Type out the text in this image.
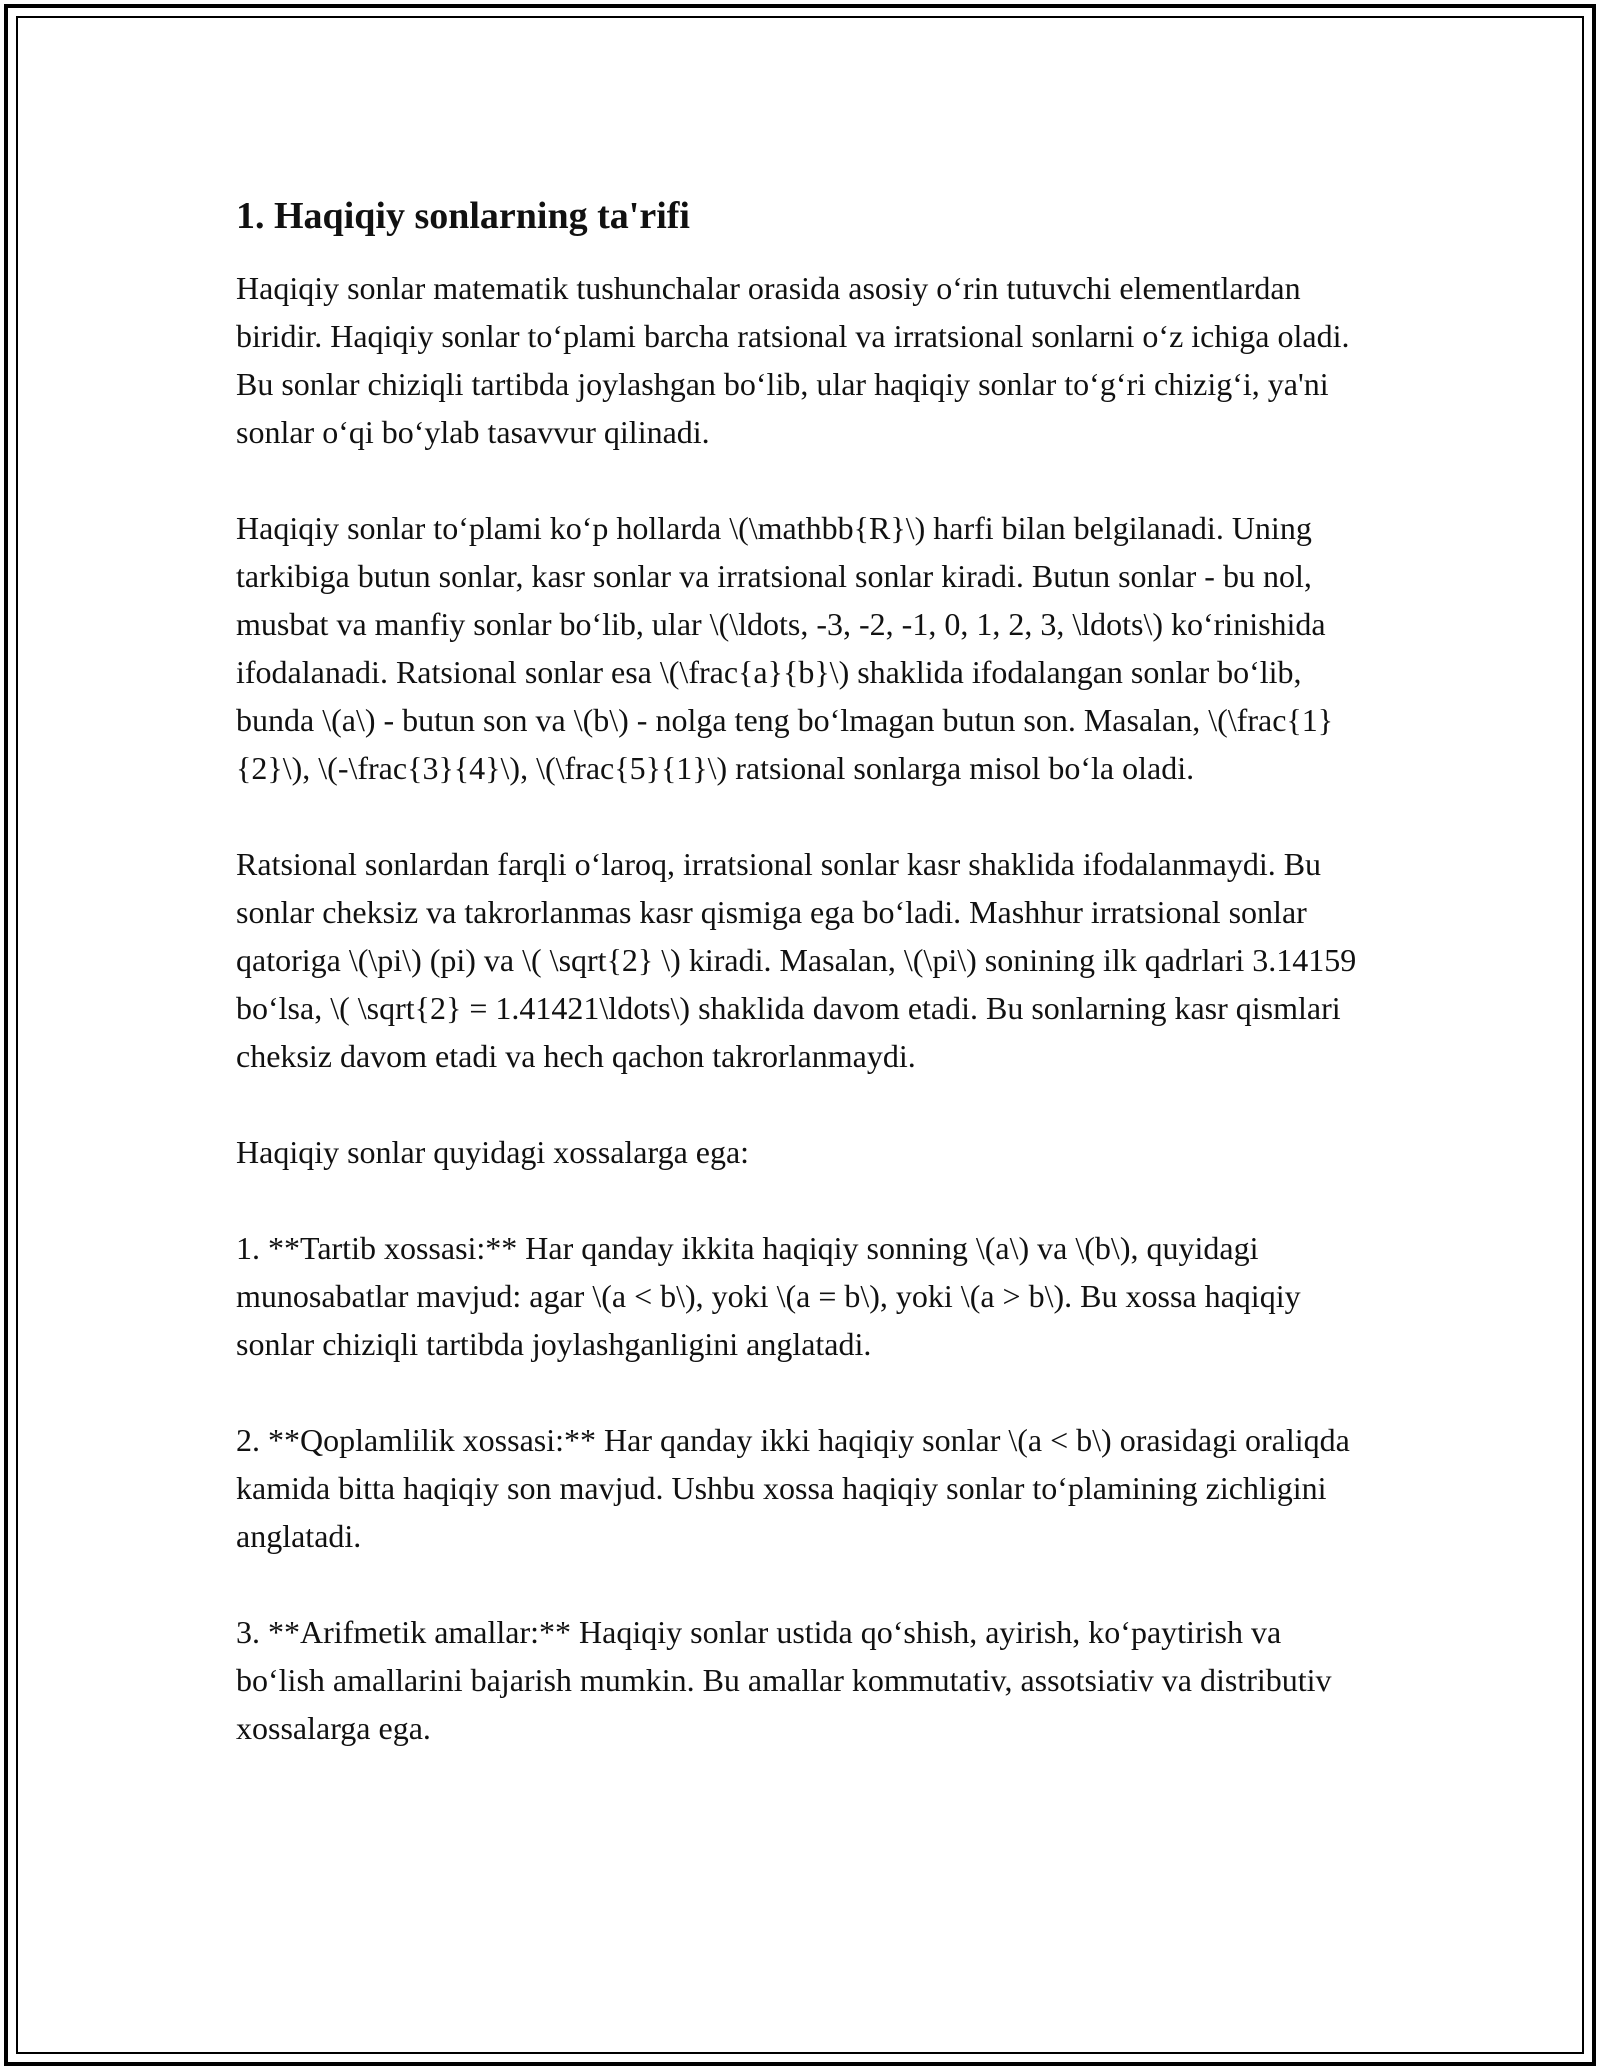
1. Haqiqiy sonlarning ta'rifi

Haqiqiy sonlar matematik tushunchalar orasida asosiy o‘rin tutuvchi elementlardan biridir. Haqiqiy sonlar to‘plami barcha ratsional va irratsional sonlarni o‘z ichiga oladi. Bu sonlar chiziqli tartibda joylashgan bo‘lib, ular haqiqiy sonlar to‘g‘ri chizig‘i, ya'ni sonlar o‘qi bo‘ylab tasavvur qilinadi.

Haqiqiy sonlar to‘plami ko‘p hollarda \(\mathbb{R}\) harfi bilan belgilanadi. Uning tarkibiga butun sonlar, kasr sonlar va irratsional sonlar kiradi. Butun sonlar - bu nol, musbat va manfiy sonlar bo‘lib, ular \(\ldots, -3, -2, -1, 0, 1, 2, 3, \ldots\) ko‘rinishida ifodalanadi. Ratsional sonlar esa \(\frac{a}{b}\) shaklida ifodalangan sonlar bo‘lib, bunda \(a\) - butun son va \(b\) - nolga teng bo‘lmagan butun son. Masalan, \(\frac{1}{2}\), \(-\frac{3}{4}\), \(\frac{5}{1}\) ratsional sonlarga misol bo‘la oladi.

Ratsional sonlardan farqli o‘laroq, irratsional sonlar kasr shaklida ifodalanmaydi. Bu sonlar cheksiz va takrorlanmas kasr qismiga ega bo‘ladi. Mashhur irratsional sonlar qatoriga \(\pi\) (pi) va \( \sqrt{2} \) kiradi. Masalan, \(\pi\) sonining ilk qadrlari 3.14159 bo‘lsa, \( \sqrt{2} = 1.41421\ldots\) shaklida davom etadi. Bu sonlarning kasr qismlari cheksiz davom etadi va hech qachon takrorlanmaydi.

Haqiqiy sonlar quyidagi xossalarga ega:

1. **Tartib xossasi:** Har qanday ikkita haqiqiy sonning \(a\) va \(b\), quyidagi munosabatlar mavjud: agar \(a < b\), yoki \(a = b\), yoki \(a > b\). Bu xossa haqiqiy sonlar chiziqli tartibda joylashganligini anglatadi.

2. **Qoplamlilik xossasi:** Har qanday ikki haqiqiy sonlar \(a < b\) orasidagi oraliqda kamida bitta haqiqiy son mavjud. Ushbu xossa haqiqiy sonlar to‘plamining zichligini anglatadi.

3. **Arifmetik amallar:** Haqiqiy sonlar ustida qo‘shish, ayirish, ko‘paytirish va bo‘lish amallarini bajarish mumkin. Bu amallar kommutativ, assotsiativ va distributiv xossalarga ega.
